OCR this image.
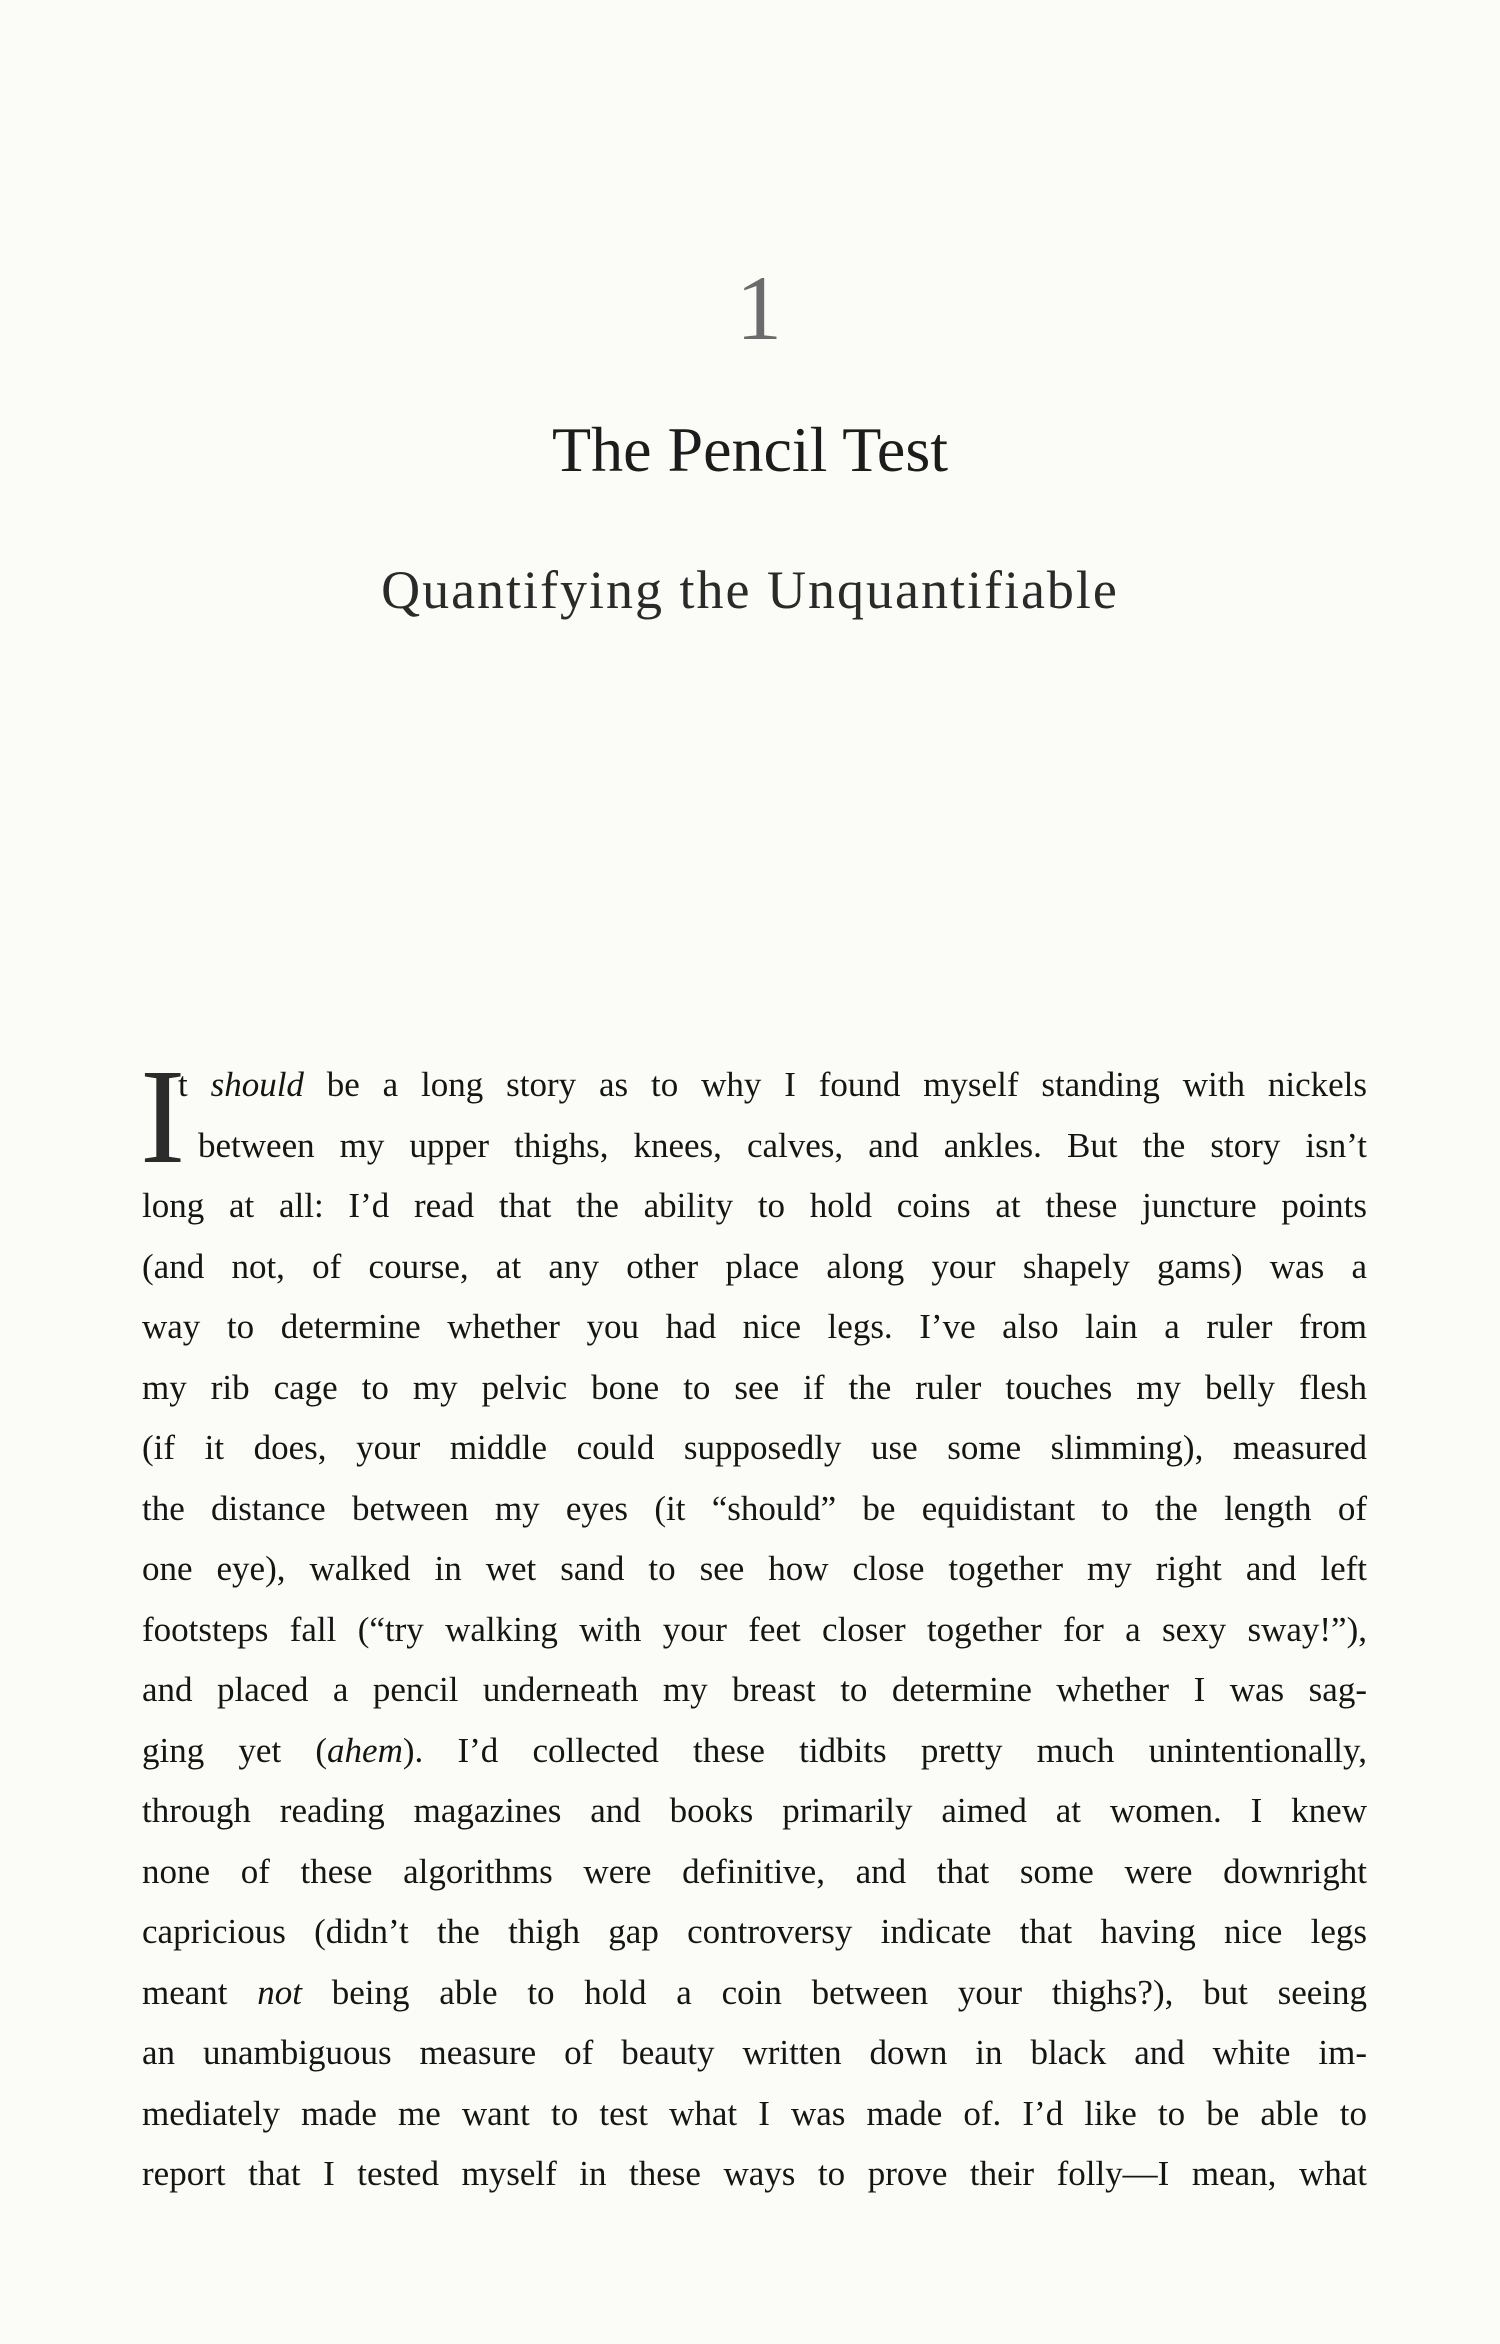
1
The Pencil Test
Quantifying the Unquantifiable
I
t should be a long story as to why I found myself standing with nickels
between my upper thighs, knees, calves, and ankles. But the story isn’t
long at all: I’d read that the ability to hold coins at these juncture points
(and not, of course, at any other place along your shapely gams) was a
way to determine whether you had nice legs. I’ve also lain a ruler from
my rib cage to my pelvic bone to see if the ruler touches my belly flesh
(if it does, your middle could supposedly use some slimming), measured
the distance between my eyes (it “should” be equidistant to the length of
one eye), walked in wet sand to see how close together my right and left
footsteps fall (“try walking with your feet closer together for a sexy sway!”),
and placed a pencil underneath my breast to determine whether I was sag-
ging yet (ahem). I’d collected these tidbits pretty much unintentionally,
through reading magazines and books primarily aimed at women. I knew
none of these algorithms were definitive, and that some were downright
capricious (didn’t the thigh gap controversy indicate that having nice legs
meant not being able to hold a coin between your thighs?), but seeing
an unambiguous measure of beauty written down in black and white im-
mediately made me want to test what I was made of. I’d like to be able to
report that I tested myself in these ways to prove their folly—I mean, what
